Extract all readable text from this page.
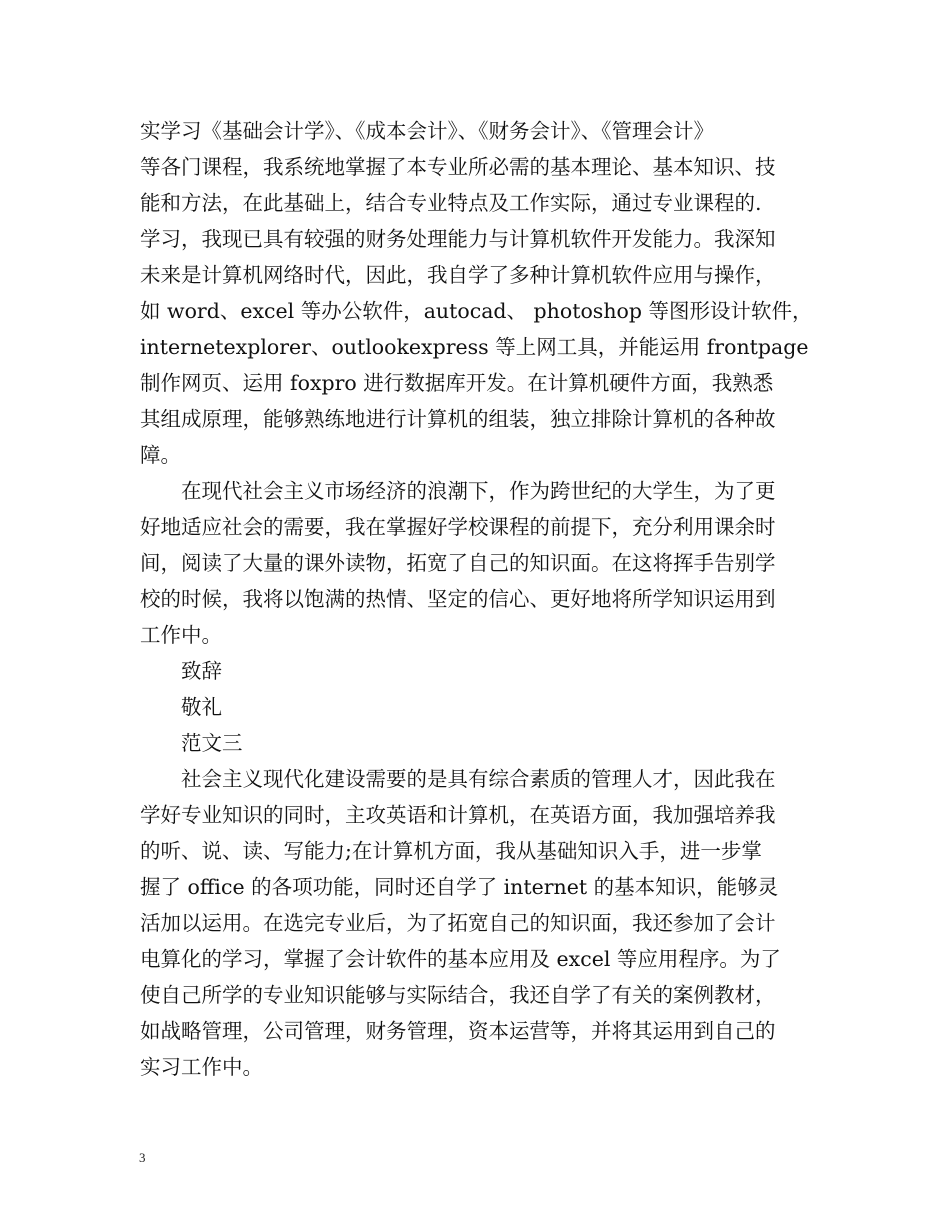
实学习《基础会计学》、《成本会计》、《财务会计》、《管理会计》
等各门课程，我系统地掌握了本专业所必需的基本理论、基本知识、技
能和方法，在此基础上，结合专业特点及工作实际，通过专业课程的.
学习，我现已具有较强的财务处理能力与计算机软件开发能力。我深知
未来是计算机网络时代，因此，我自学了多种计算机软件应用与操作，
如 word、excel 等办公软件，autocad、 photoshop 等图形设计软件，
internetexplorer、outlookexpress 等上网工具，并能运用 frontpage
制作网页、运用 foxpro 进行数据库开发。在计算机硬件方面，我熟悉
其组成原理，能够熟练地进行计算机的组装，独立排除计算机的各种故
障。
在现代社会主义市场经济的浪潮下，作为跨世纪的大学生，为了更
好地适应社会的需要，我在掌握好学校课程的前提下，充分利用课余时
间，阅读了大量的课外读物，拓宽了自己的知识面。在这将挥手告别学
校的时候，我将以饱满的热情、坚定的信心、更好地将所学知识运用到
工作中。
致辞
敬礼
范文三
社会主义现代化建设需要的是具有综合素质的管理人才，因此我在
学好专业知识的同时，主攻英语和计算机，在英语方面，我加强培养我
的听、说、读、写能力;在计算机方面，我从基础知识入手，进一步掌
握了 office 的各项功能，同时还自学了 internet 的基本知识，能够灵
活加以运用。在选完专业后，为了拓宽自己的知识面，我还参加了会计
电算化的学习，掌握了会计软件的基本应用及 excel 等应用程序。为了
使自己所学的专业知识能够与实际结合，我还自学了有关的案例教材，
如战略管理，公司管理，财务管理，资本运营等，并将其运用到自己的
实习工作中。
3
